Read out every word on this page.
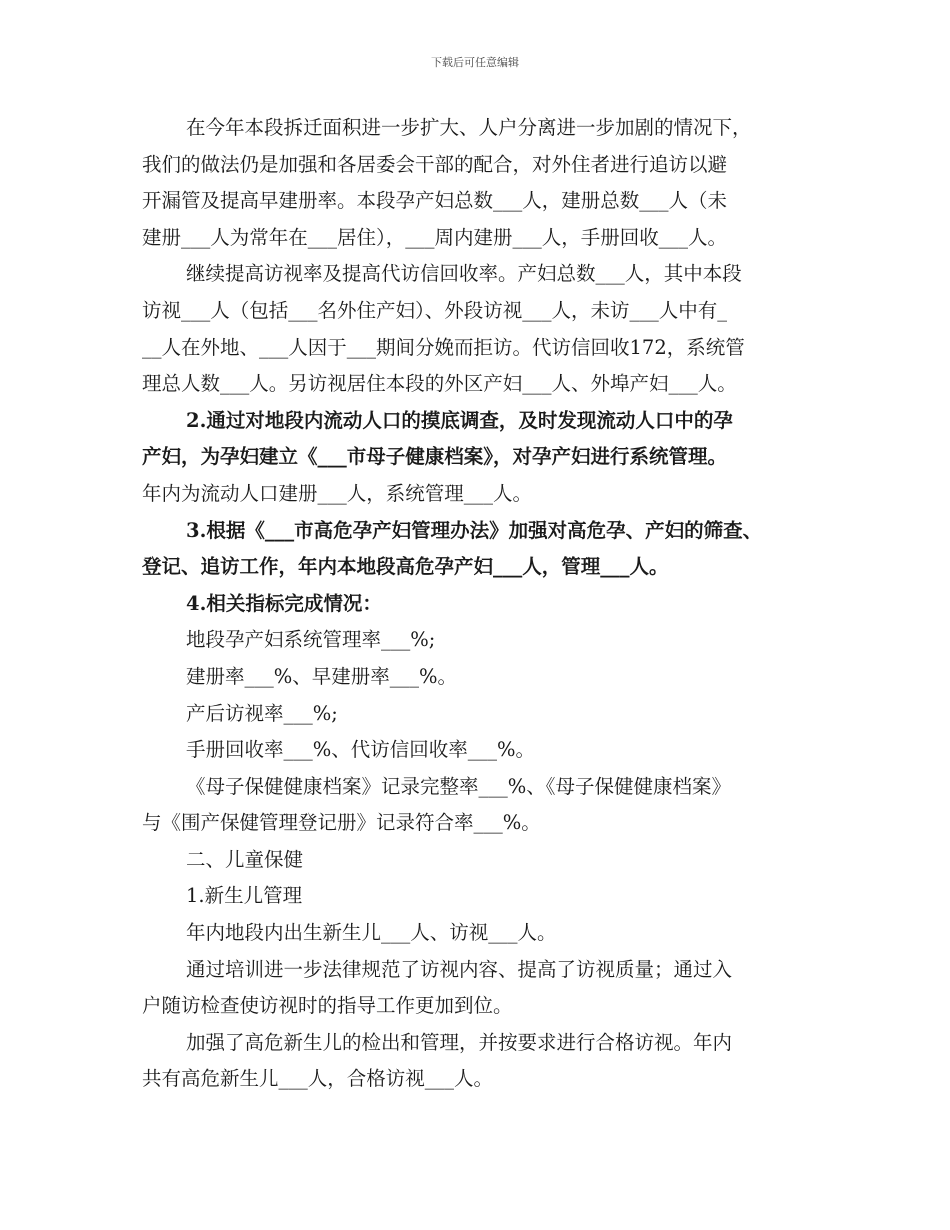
下载后可任意编辑
在今年本段拆迁面积进一步扩大、人户分离进一步加剧的情况下，
我们的做法仍是加强和各居委会干部的配合，对外住者进行追访以避
开漏管及提高早建册率。本段孕产妇总数___人，建册总数___人（未
建册___人为常年在___居住），___周内建册___人，手册回收___人。
继续提高访视率及提高代访信回收率。产妇总数___人，其中本段
访视___人（包括___名外住产妇）、外段访视___人，未访___人中有_
__人在外地、___人因于___期间分娩而拒访。代访信回收172，系统管
理总人数___人。另访视居住本段的外区产妇___人、外埠产妇___人。
2.通过对地段内流动人口的摸底调查，及时发现流动人口中的孕
产妇，为孕妇建立《___市母子健康档案》，对孕产妇进行系统管理。
年内为流动人口建册___人，系统管理___人。
3.根据《___市高危孕产妇管理办法》加强对高危孕、产妇的筛查、
登记、追访工作，年内本地段高危孕产妇___人，管理___人。
4.相关指标完成情况：
地段孕产妇系统管理率___%;
建册率___%、早建册率___%。
产后访视率___%;
手册回收率___%、代访信回收率___%。
《母子保健健康档案》记录完整率___%、《母子保健健康档案》
与《围产保健管理登记册》记录符合率___%。
二、儿童保健
1.新生儿管理
年内地段内出生新生儿___人、访视___人。
通过培训进一步法律规范了访视内容、提高了访视质量；通过入
户随访检查使访视时的指导工作更加到位。
加强了高危新生儿的检出和管理，并按要求进行合格访视。年内
共有高危新生儿___人，合格访视___人。
